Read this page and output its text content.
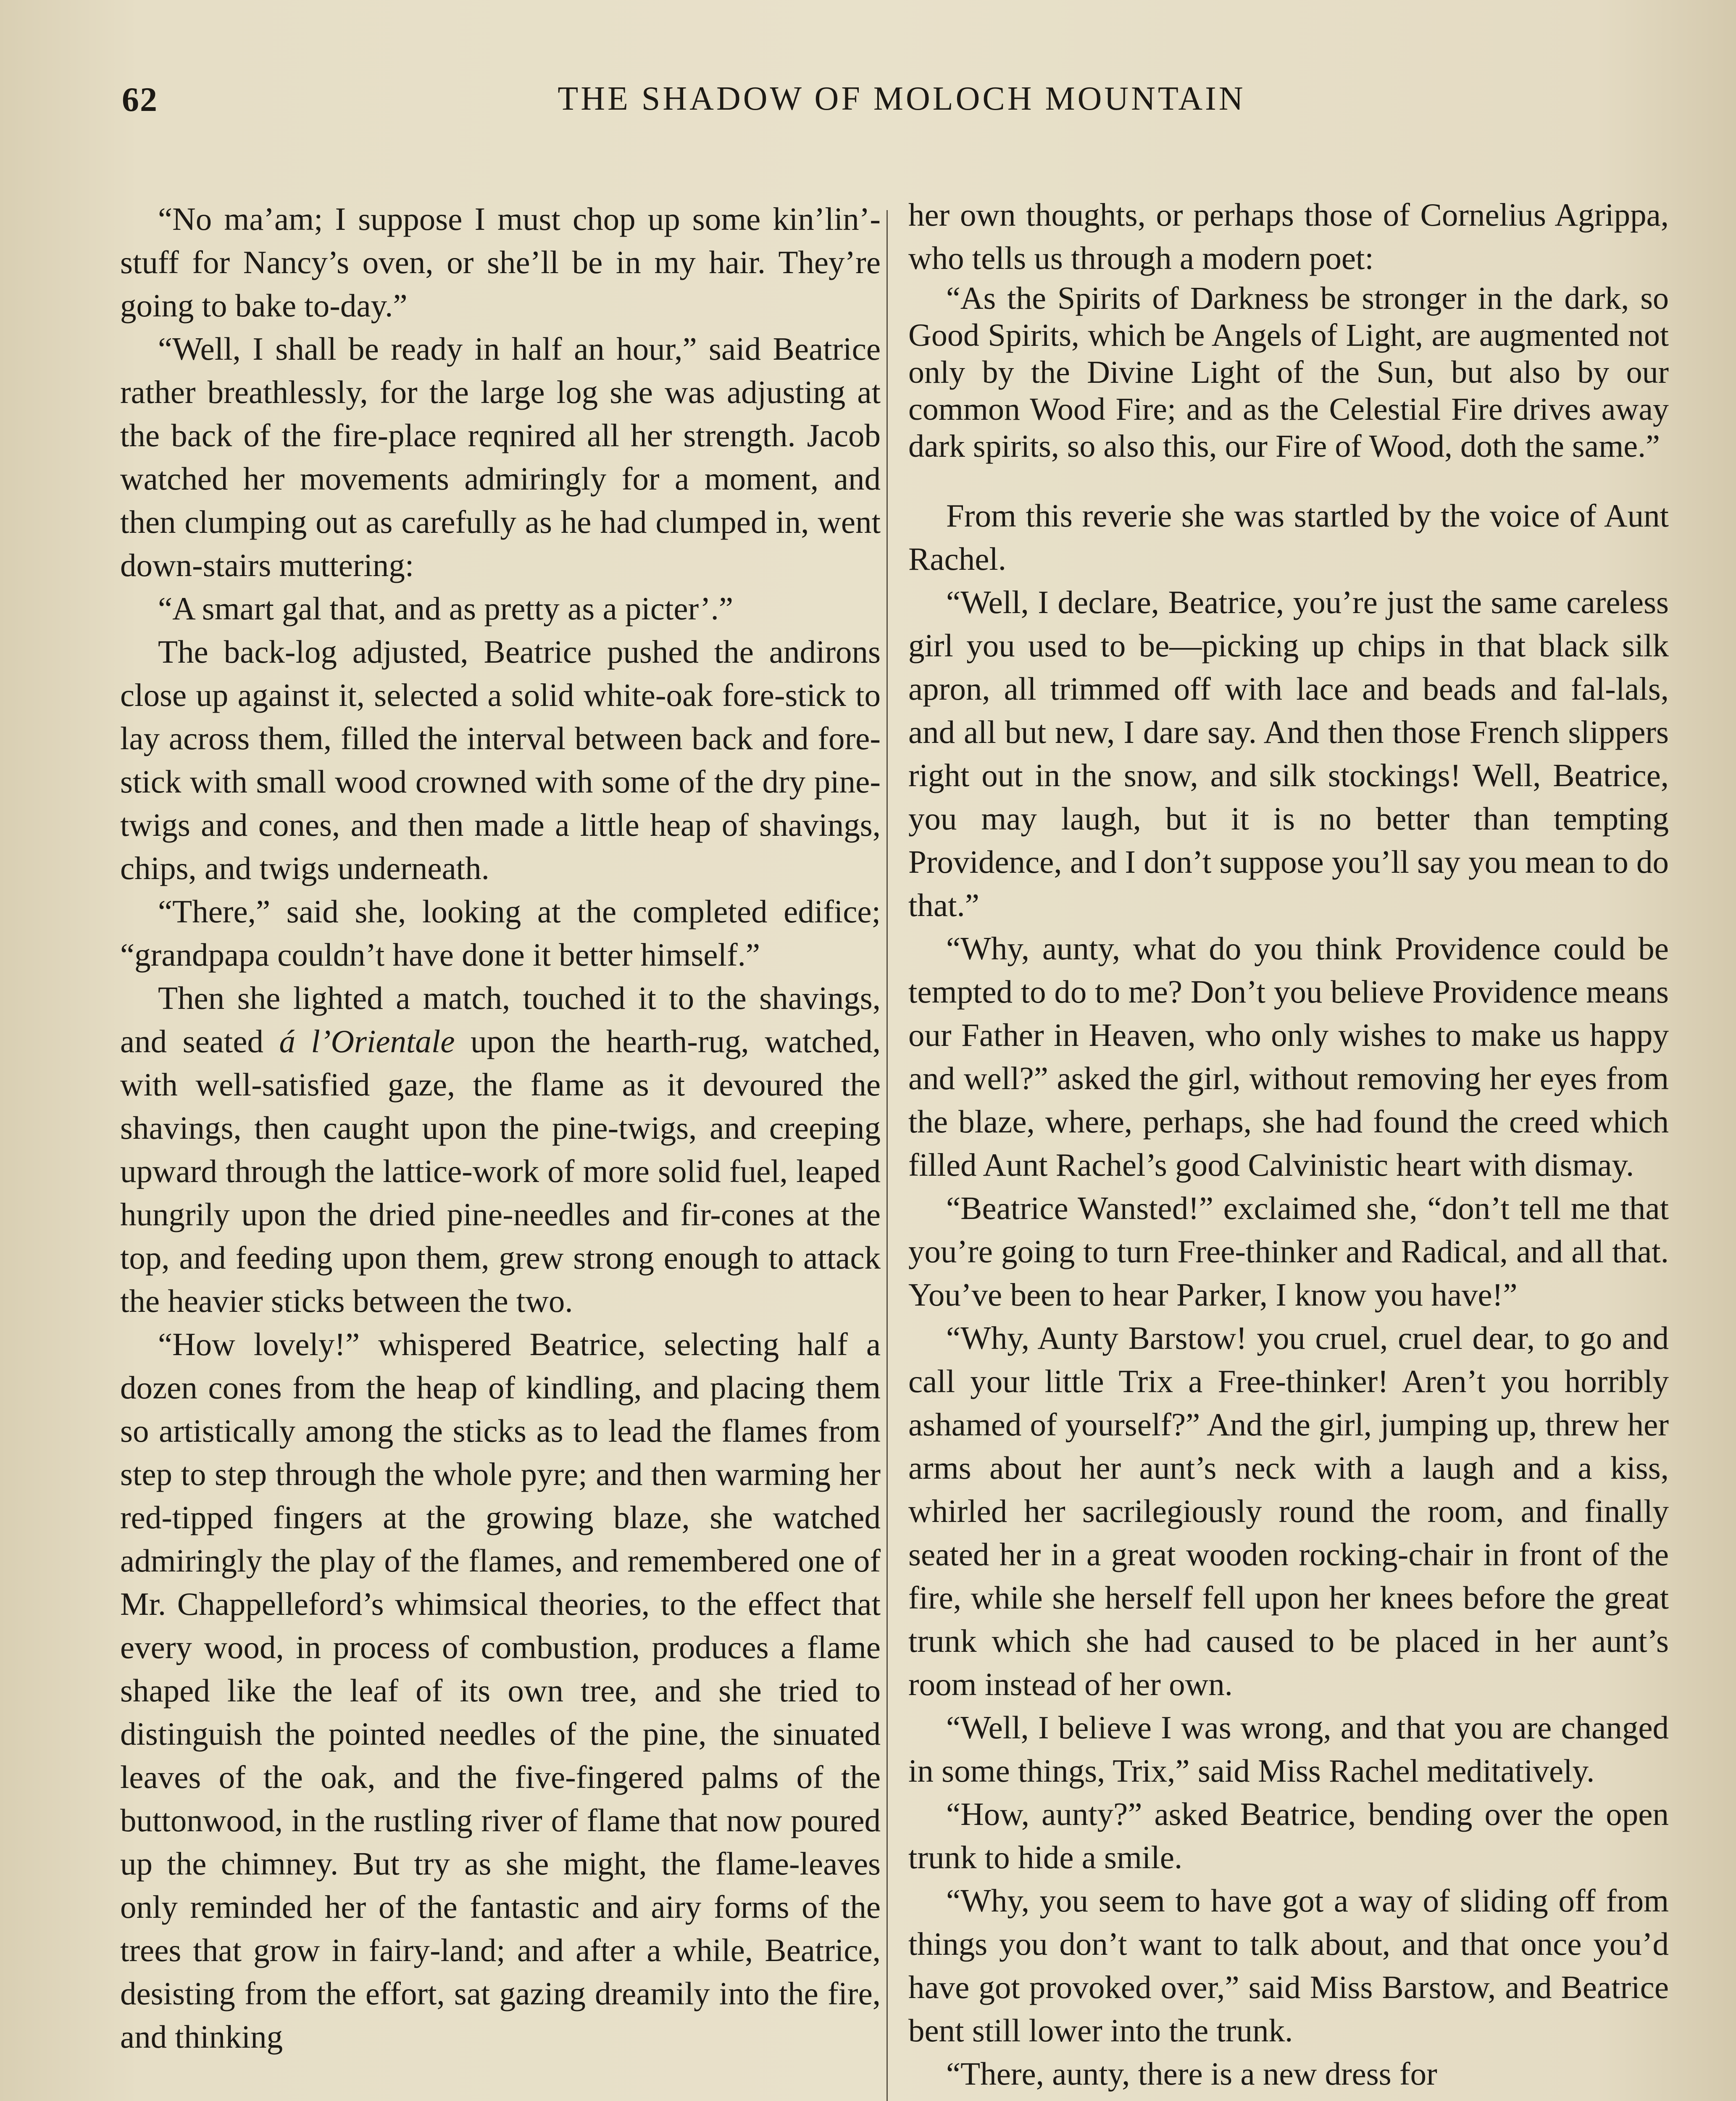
62	THE SHADOW OF MOLOCH MOUNTAIN

“No ma’am; I suppose I must chop up some kin’lin’-stuff for Nancy’s oven, or she’ll be in my hair. They’re going to bake to-day.”

“Well, I shall be ready in half an hour,” said Beatrice rather breathlessly, for the large log she was adjusting at the back of the fire-place reqnired all her strength. Jacob watched her movements admiringly for a moment, and then clumping out as carefully as he had clumped in, went down-stairs muttering:

“A smart gal that, and as pretty as a picter’.”

The back-log adjusted, Beatrice pushed the andirons close up against it, selected a solid white-oak fore-stick to lay across them, filled the interval between back and fore-stick with small wood crowned with some of the dry pine-twigs and cones, and then made a little heap of shavings, chips, and twigs underneath.

“There,” said she, looking at the completed edifice; “grandpapa couldn’t have done it better himself.”

Then she lighted a match, touched it to the shavings, and seated á l’Orientale upon the hearth-rug, watched, with well-satisfied gaze, the flame as it devoured the shavings, then caught upon the pine-twigs, and creeping upward through the lattice-work of more solid fuel, leaped hungrily upon the dried pine-needles and fir-cones at the top, and feeding upon them, grew strong enough to attack the heavier sticks between the two.

“How lovely!” whispered Beatrice, selecting half a dozen cones from the heap of kindling, and placing them so artistically among the sticks as to lead the flames from step to step through the whole pyre; and then warming her red-tipped fingers at the growing blaze, she watched admiringly the play of the flames, and remembered one of Mr. Chappelleford’s whimsical theories, to the effect that every wood, in process of combustion, produces a flame shaped like the leaf of its own tree, and she tried to distinguish the pointed needles of the pine, the sinuated leaves of the oak, and the five-fingered palms of the buttonwood, in the rustling river of flame that now poured up the chimney. But try as she might, the flame-leaves only reminded her of the fantastic and airy forms of the trees that grow in fairy-land; and after a while, Beatrice, desisting from the effort, sat gazing dreamily into the fire, and thinking

her own thoughts, or perhaps those of Cornelius Agrippa, who tells us through a modern poet:

“As the Spirits of Darkness be stronger in the dark, so Good Spirits, which be Angels of Light, are augmented not only by the Divine Light of the Sun, but also by our common Wood Fire; and as the Celestial Fire drives away dark spirits, so also this, our Fire of Wood, doth the same.”

From this reverie she was startled by the voice of Aunt Rachel.

“Well, I declare, Beatrice, you’re just the same careless girl you used to be—picking up chips in that black silk apron, all trimmed off with lace and beads and fal-lals, and all but new, I dare say. And then those French slippers right out in the snow, and silk stockings! Well, Beatrice, you may laugh, but it is no better than tempting Providence, and I don’t suppose you’ll say you mean to do that.”

“Why, aunty, what do you think Providence could be tempted to do to me? Don’t you believe Providence means our Father in Heaven, who only wishes to make us happy and well?” asked the girl, without removing her eyes from the blaze, where, perhaps, she had found the creed which filled Aunt Rachel’s good Calvinistic heart with dismay.

“Beatrice Wansted!” exclaimed she, “don’t tell me that you’re going to turn Free-thinker and Radical, and all that. You’ve been to hear Parker, I know you have!”

“Why, Aunty Barstow! you cruel, cruel dear, to go and call your little Trix a Free-thinker! Aren’t you horribly ashamed of yourself?” And the girl, jumping up, threw her arms about her aunt’s neck with a laugh and a kiss, whirled her sacrilegiously round the room, and finally seated her in a great wooden rocking-chair in front of the fire, while she herself fell upon her knees before the great trunk which she had caused to be placed in her aunt’s room instead of her own.

“Well, I believe I was wrong, and that you are changed in some things, Trix,” said Miss Rachel meditatively.

“How, aunty?” asked Beatrice, bending over the open trunk to hide a smile.

“Why, you seem to have got a way of sliding off from things you don’t want to talk about, and that once you’d have got provoked over,” said Miss Barstow, and Beatrice bent still lower into the trunk.

“There, aunty, there is a new dress for
